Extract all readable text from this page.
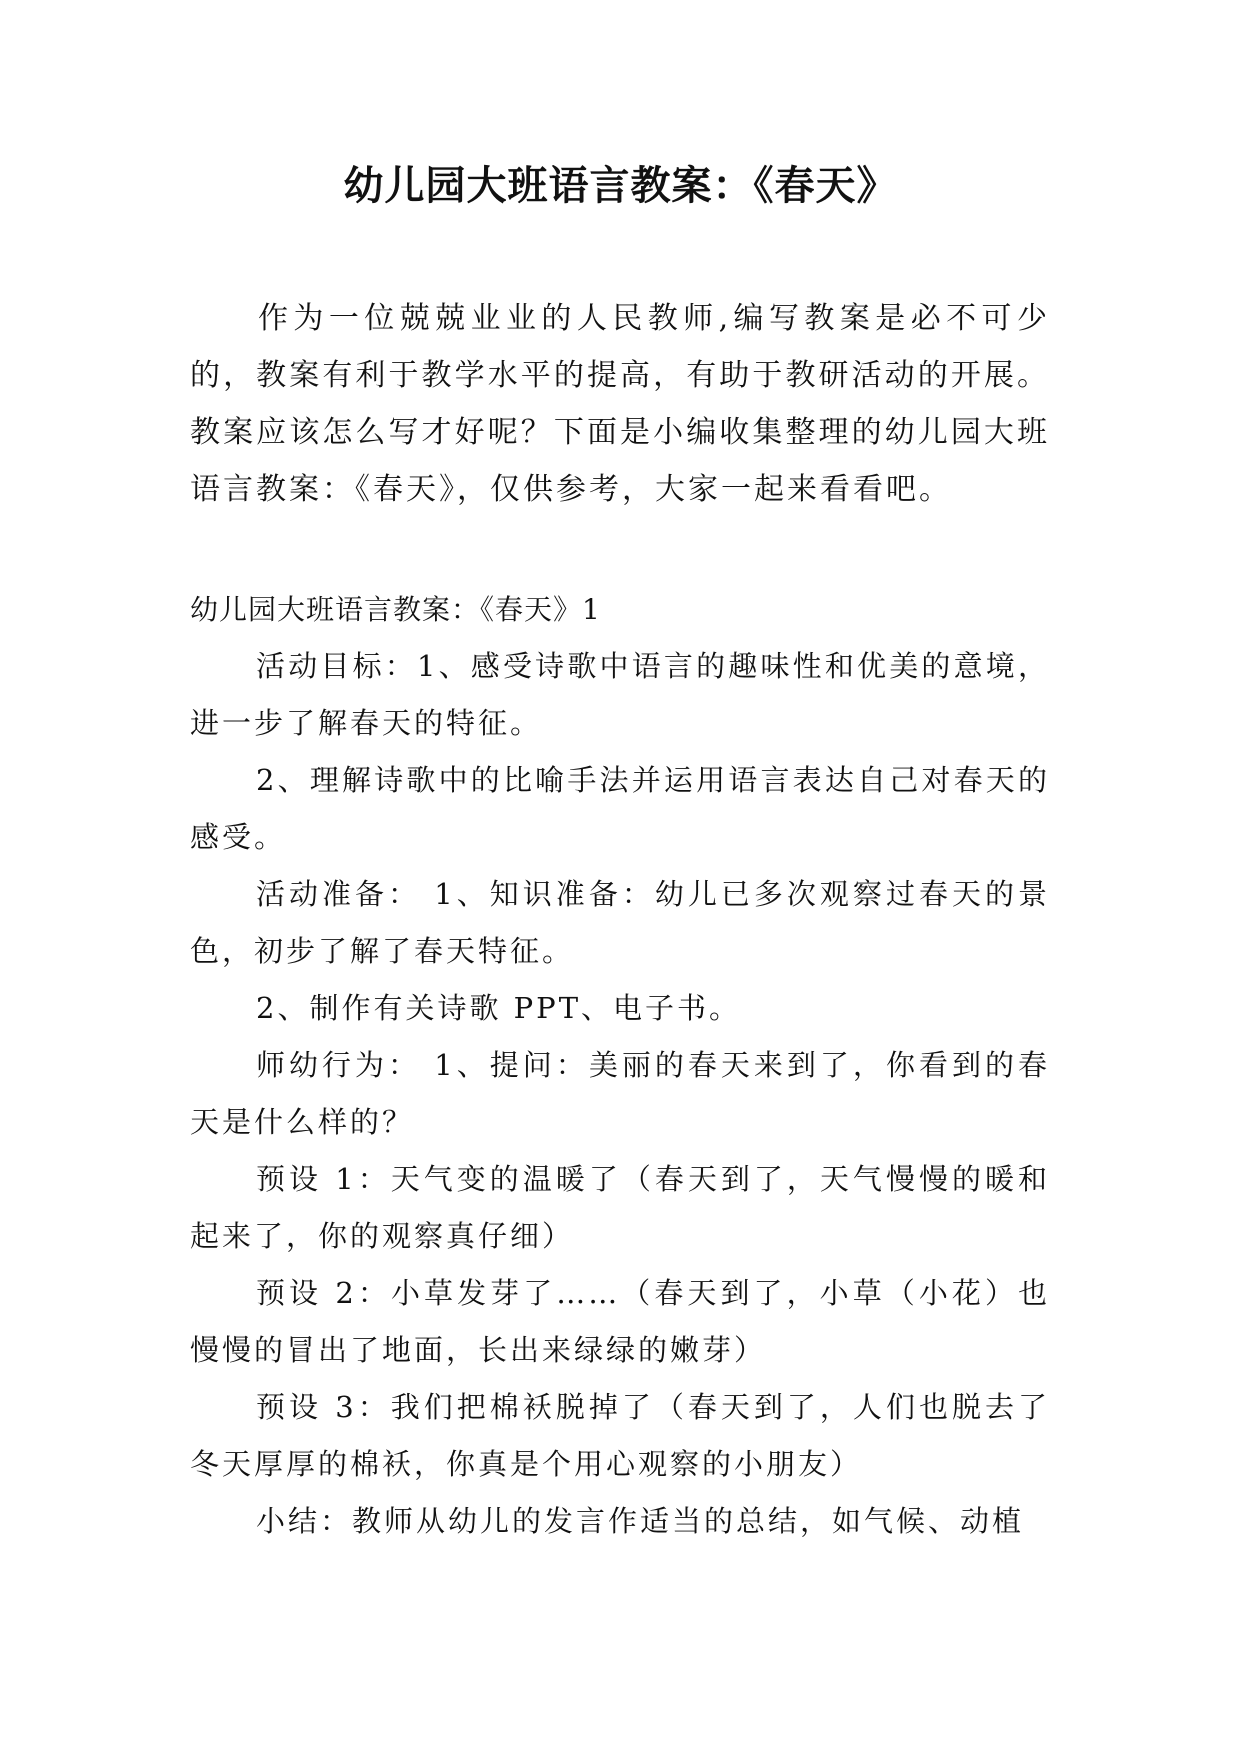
幼儿园大班语言教案：《春天》

作为一位兢兢业业的人民教师,编写教案是必不可少的，教案有利于教学水平的提高，有助于教研活动的开展。教案应该怎么写才好呢？下面是小编收集整理的幼儿园大班语言教案：《春天》，仅供参考，大家一起来看看吧。

幼儿园大班语言教案：《春天》1

活动目标：1、感受诗歌中语言的趣味性和优美的意境，进一步了解春天的特征。

2、理解诗歌中的比喻手法并运用语言表达自己对春天的感受。

活动准备： 1、知识准备：幼儿已多次观察过春天的景色，初步了解了春天特征。

2、制作有关诗歌 PPT、电子书。

师幼行为： 1、提问：美丽的春天来到了，你看到的春天是什么样的？

预设 1：天气变的温暖了（春天到了，天气慢慢的暖和起来了，你的观察真仔细）

预设 2：小草发芽了……（春天到了，小草（小花）也慢慢的冒出了地面，长出来绿绿的嫩芽）

预设 3：我们把棉袄脱掉了（春天到了，人们也脱去了冬天厚厚的棉袄，你真是个用心观察的小朋友）

小结：教师从幼儿的发言作适当的总结，如气候、动植
